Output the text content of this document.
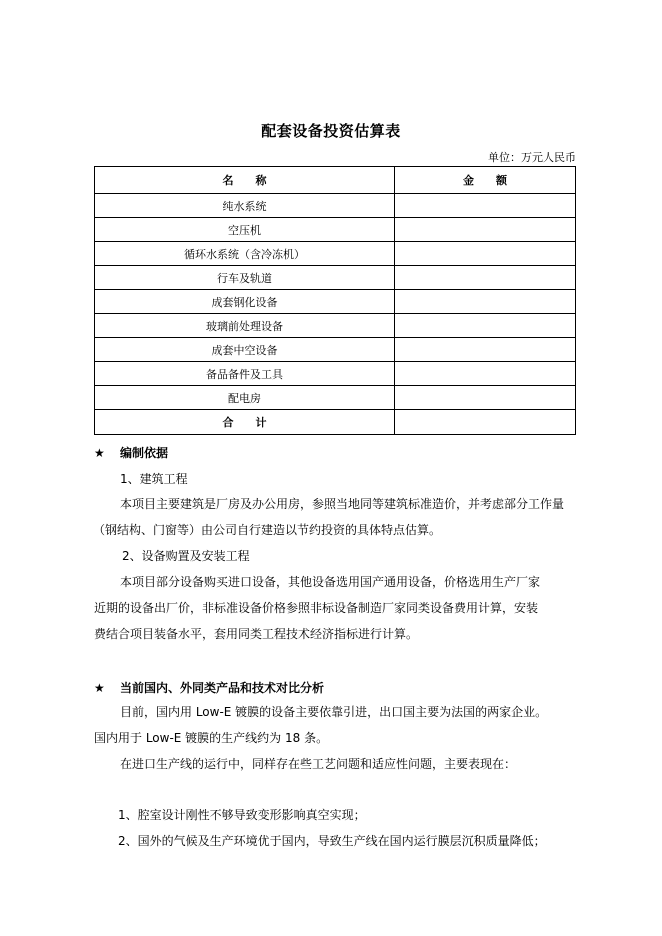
配套设备投资估算表
单位：万元人民币
名　　称	金　　额
纯水系统	
空压机	
循环水系统（含冷冻机）	
行车及轨道	
成套钢化设备	
玻璃前处理设备	
成套中空设备	
备品备件及工具	
配电房	
合　　计	
★ 编制依据
1、建筑工程
本项目主要建筑是厂房及办公用房，参照当地同等建筑标准造价，并考虑部分工作量
（钢结构、门窗等）由公司自行建造以节约投资的具体特点估算。
2、设备购置及安装工程
本项目部分设备购买进口设备，其他设备选用国产通用设备，价格选用生产厂家
近期的设备出厂价，非标准设备价格参照非标设备制造厂家同类设备费用计算，安装
费结合项目装备水平，套用同类工程技术经济指标进行计算。
★ 当前国内、外同类产品和技术对比分析
目前，国内用 Low-E 镀膜的设备主要依靠引进，出口国主要为法国的两家企业。
国内用于 Low-E 镀膜的生产线约为 18 条。
在进口生产线的运行中，同样存在些工艺问题和适应性问题，主要表现在：
1、腔室设计刚性不够导致变形影响真空实现；
2、国外的气候及生产环境优于国内，导致生产线在国内运行膜层沉积质量降低；
